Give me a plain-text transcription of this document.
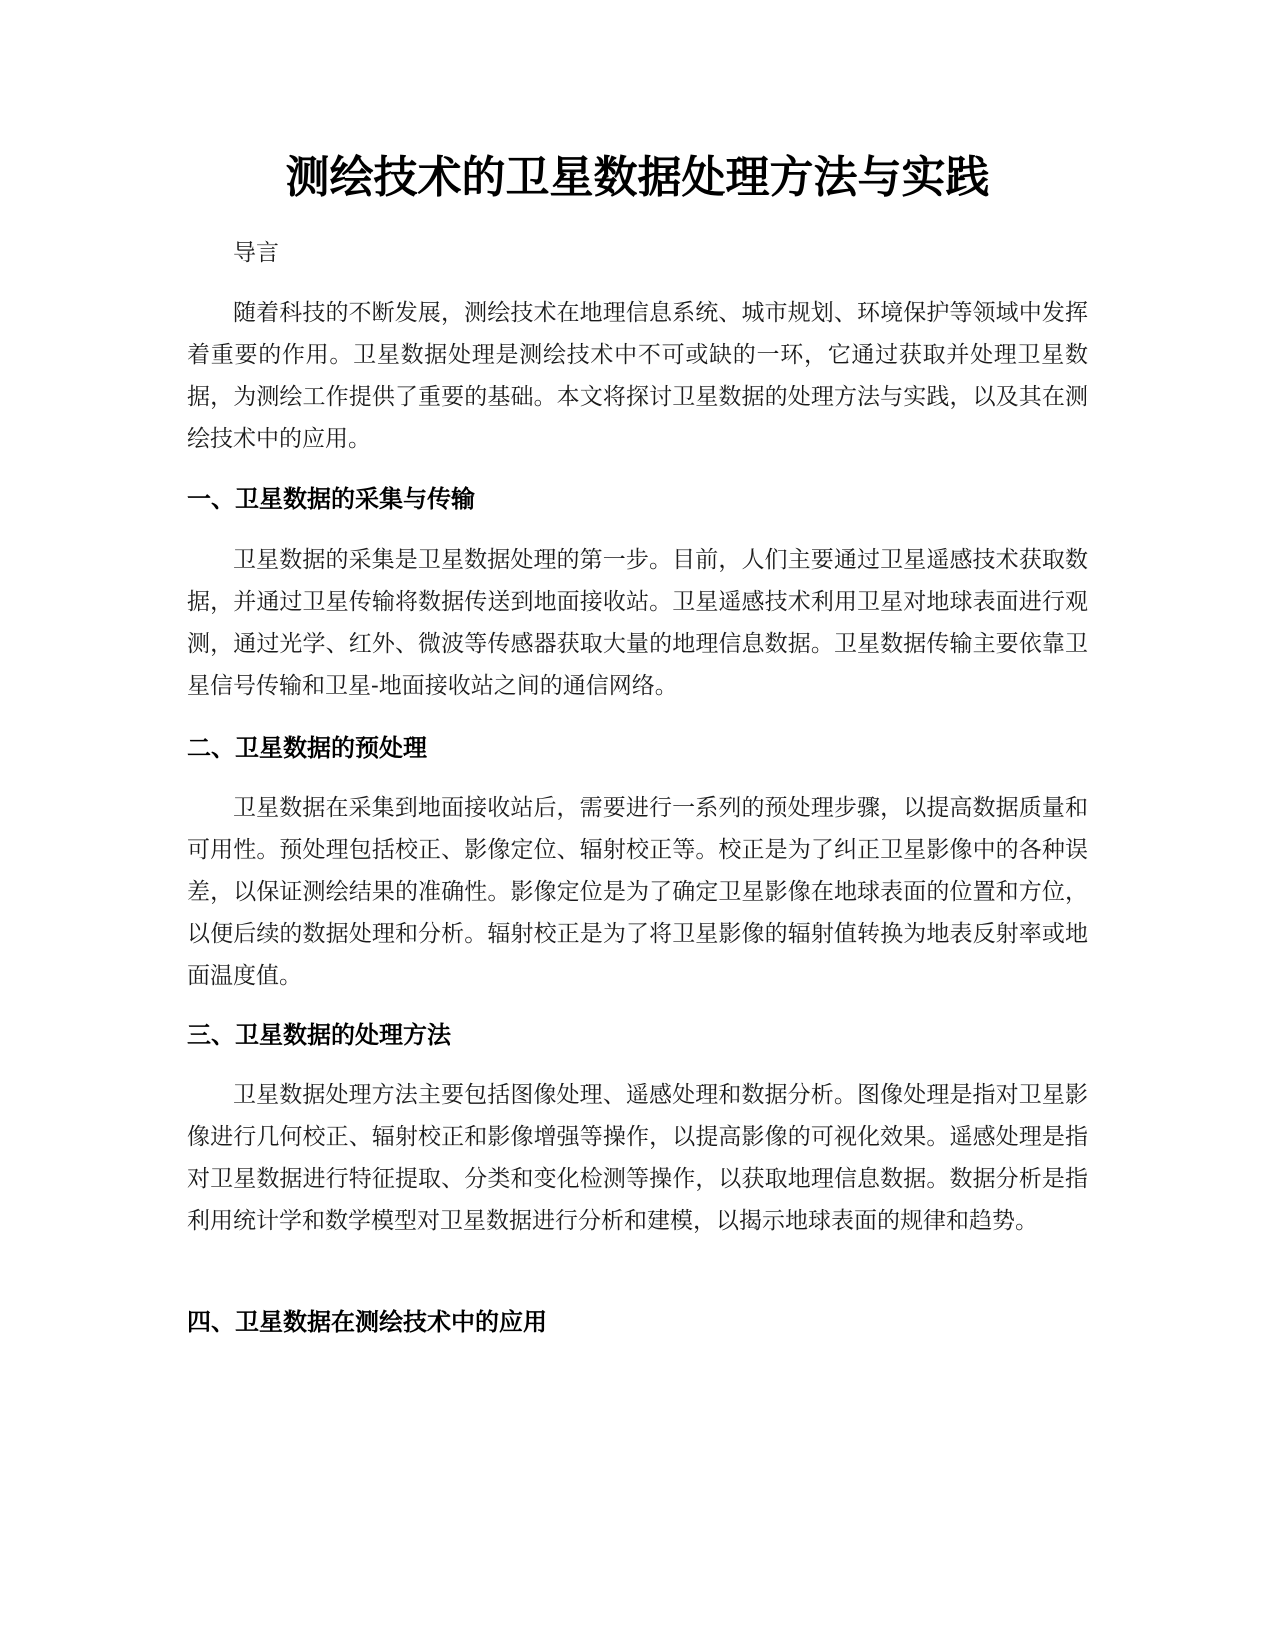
测绘技术的卫星数据处理方法与实践

导言

随着科技的不断发展，测绘技术在地理信息系统、城市规划、环境保护等领域中发挥着重要的作用。卫星数据处理是测绘技术中不可或缺的一环，它通过获取并处理卫星数据，为测绘工作提供了重要的基础。本文将探讨卫星数据的处理方法与实践，以及其在测绘技术中的应用。

一、卫星数据的采集与传输

卫星数据的采集是卫星数据处理的第一步。目前，人们主要通过卫星遥感技术获取数据，并通过卫星传输将数据传送到地面接收站。卫星遥感技术利用卫星对地球表面进行观测，通过光学、红外、微波等传感器获取大量的地理信息数据。卫星数据传输主要依靠卫星信号传输和卫星-地面接收站之间的通信网络。

二、卫星数据的预处理

卫星数据在采集到地面接收站后，需要进行一系列的预处理步骤，以提高数据质量和可用性。预处理包括校正、影像定位、辐射校正等。校正是为了纠正卫星影像中的各种误差，以保证测绘结果的准确性。影像定位是为了确定卫星影像在地球表面的位置和方位，以便后续的数据处理和分析。辐射校正是为了将卫星影像的辐射值转换为地表反射率或地面温度值。

三、卫星数据的处理方法

卫星数据处理方法主要包括图像处理、遥感处理和数据分析。图像处理是指对卫星影像进行几何校正、辐射校正和影像增强等操作，以提高影像的可视化效果。遥感处理是指对卫星数据进行特征提取、分类和变化检测等操作，以获取地理信息数据。数据分析是指利用统计学和数学模型对卫星数据进行分析和建模，以揭示地球表面的规律和趋势。

四、卫星数据在测绘技术中的应用
